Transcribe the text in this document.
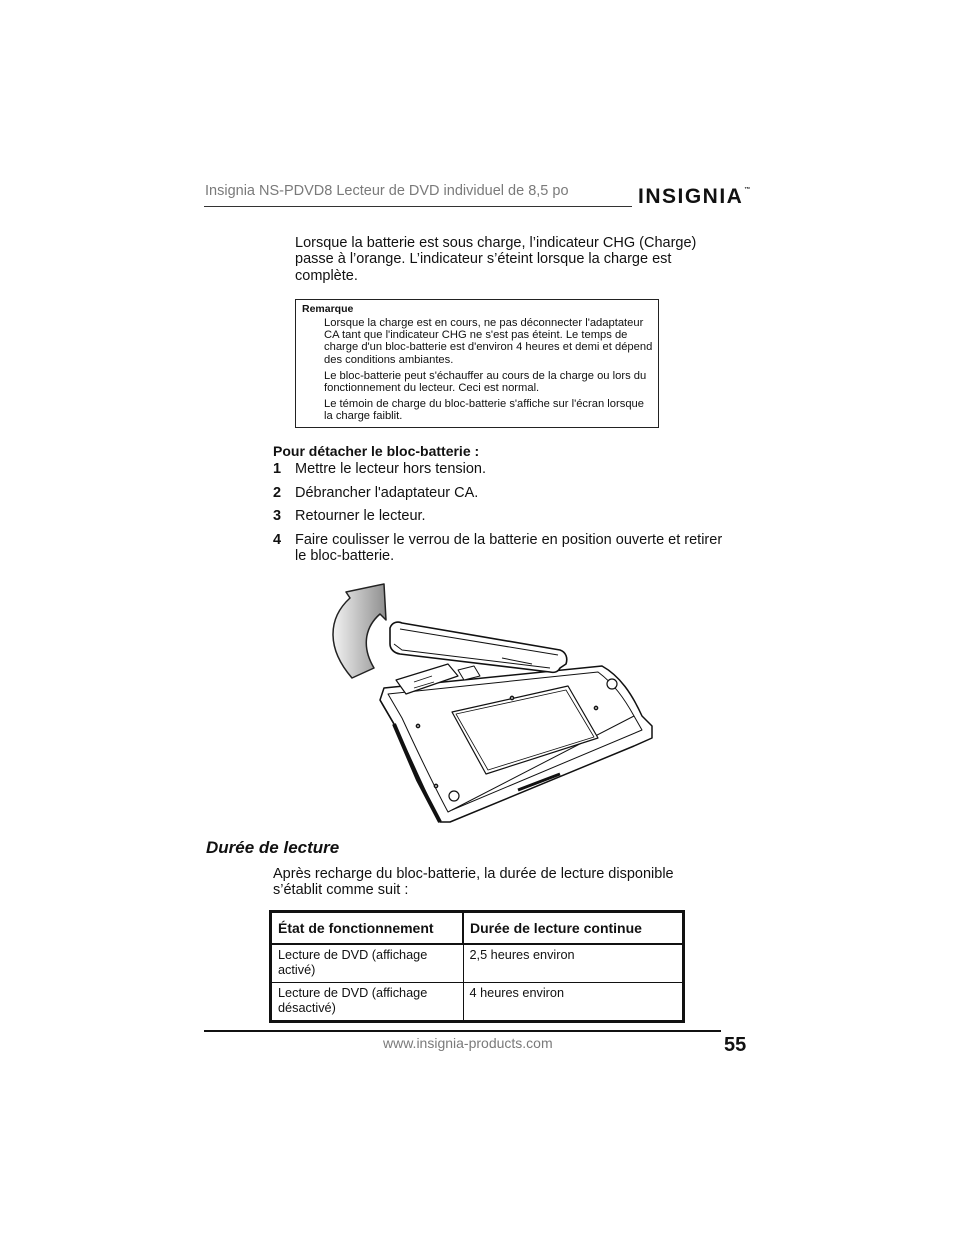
Insignia NS-PDVD8 Lecteur de DVD individuel de 8,5 po	INSIGNIA™
Lorsque la batterie est sous charge, l’indicateur CHG (Charge) passe à l’orange. L’indicateur s’éteint lorsque la charge est complète.
Remarque
Lorsque la charge est en cours, ne pas déconnecter l'adaptateur CA tant que l'indicateur CHG ne s'est pas éteint. Le temps de charge d'un bloc-batterie est d'environ 4 heures et demi et dépend des conditions ambiantes.
Le bloc-batterie peut s'échauffer au cours de la charge ou lors du fonctionnement du lecteur. Ceci est normal.
Le témoin de charge du bloc-batterie s'affiche sur l'écran lorsque la charge faiblit.
Pour détacher le bloc-batterie :
1 Mettre le lecteur hors tension.
2 Débrancher l'adaptateur CA.
3 Retourner le lecteur.
4 Faire coulisser le verrou de la batterie en position ouverte et retirer le bloc-batterie.
Durée de lecture
Après recharge du bloc-batterie, la durée de lecture disponible s’établit comme suit :
État de fonctionnement	Durée de lecture continue
Lecture de DVD (affichage activé)	2,5 heures environ
Lecture de DVD (affichage désactivé)	4 heures environ
www.insignia-products.com	55
